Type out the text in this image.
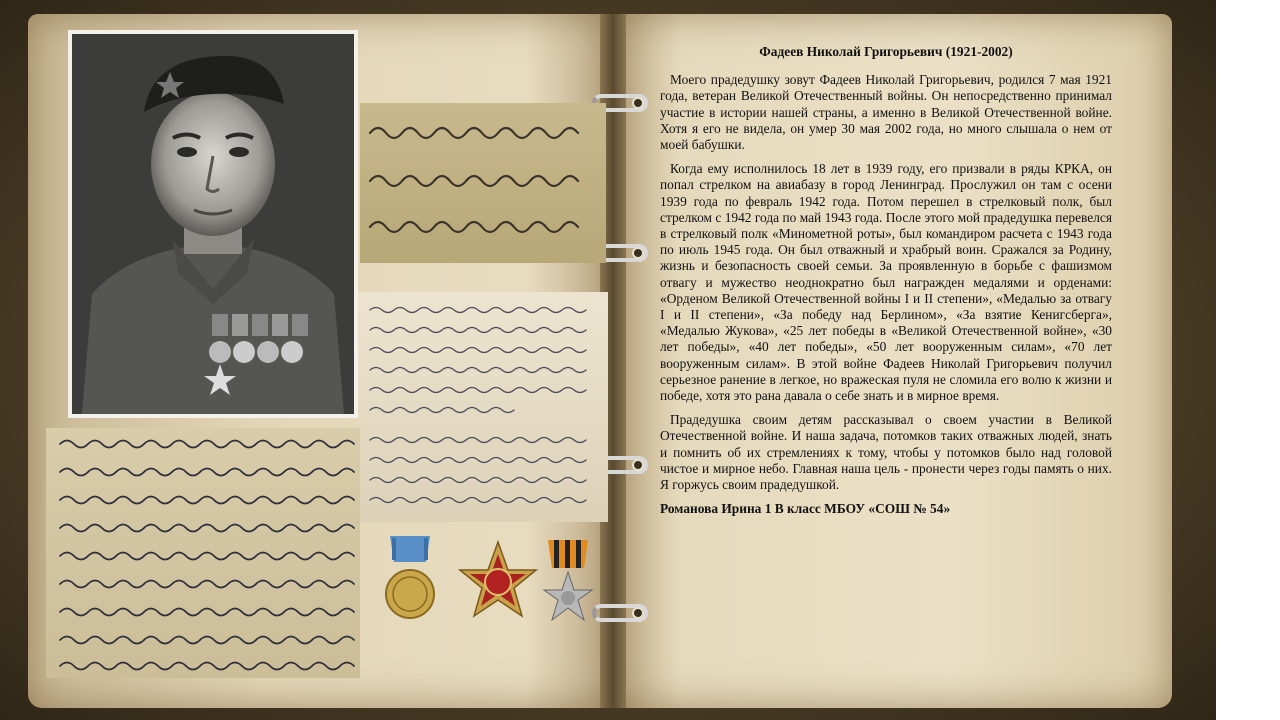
Фадеев Николай Григорьевич (1921-2002)

Моего прадедушку зовут Фадеев Николай Григорьевич, родился 7 мая 1921 года, ветеран Великой Отечественный войны. Он непосредственно принимал участие в истории нашей страны, а именно в Великой Отечественной войне. Хотя я его не видела, он умер 30 мая 2002 года, но много слышала о нем от моей бабушки.

Когда ему исполнилось 18 лет в 1939 году, его призвали в ряды КРКА, он попал стрелком на авиабазу в город Ленинград. Прослужил он там с осени 1939 года по февраль 1942 года. Потом перешел в стрелковый полк, был стрелком с 1942 года по май 1943 года. После этого мой прадедушка перевелся в стрелковый полк «Минометной роты», был командиром расчета с 1943 года по июль 1945 года. Он был отважный и храбрый воин. Сражался за Родину, жизнь и безопасность своей семьи. За проявленную в борьбе с фашизмом отвагу и мужество неоднократно был награжден медалями и орденами: «Орденом Великой Отечественной войны I и II степени», «Медалью за отвагу I и II степени», «За победу над Берлином», «За взятие Кенигсберга», «Медалью Жукова», «25 лет победы в «Великой Отечественной войне», «30 лет победы», «40 лет победы», «50 лет вооруженным силам», «70 лет вооруженным силам». В этой войне Фадеев Николай Григорьевич получил серьезное ранение в легкое, но вражеская пуля не сломила его волю к жизни и победе, хотя это рана давала о себе знать и в мирное время.

Прадедушка своим детям рассказывал о своем участии в Великой Отечественной войне. И наша задача, потомков таких отважных людей, знать и помнить об их стремлениях к тому, чтобы у потомков было над головой чистое и мирное небо. Главная наша цель - пронести через годы память о них. Я горжусь своим прадедушкой.

Романова Ирина 1 В класс МБОУ «СОШ № 54»
